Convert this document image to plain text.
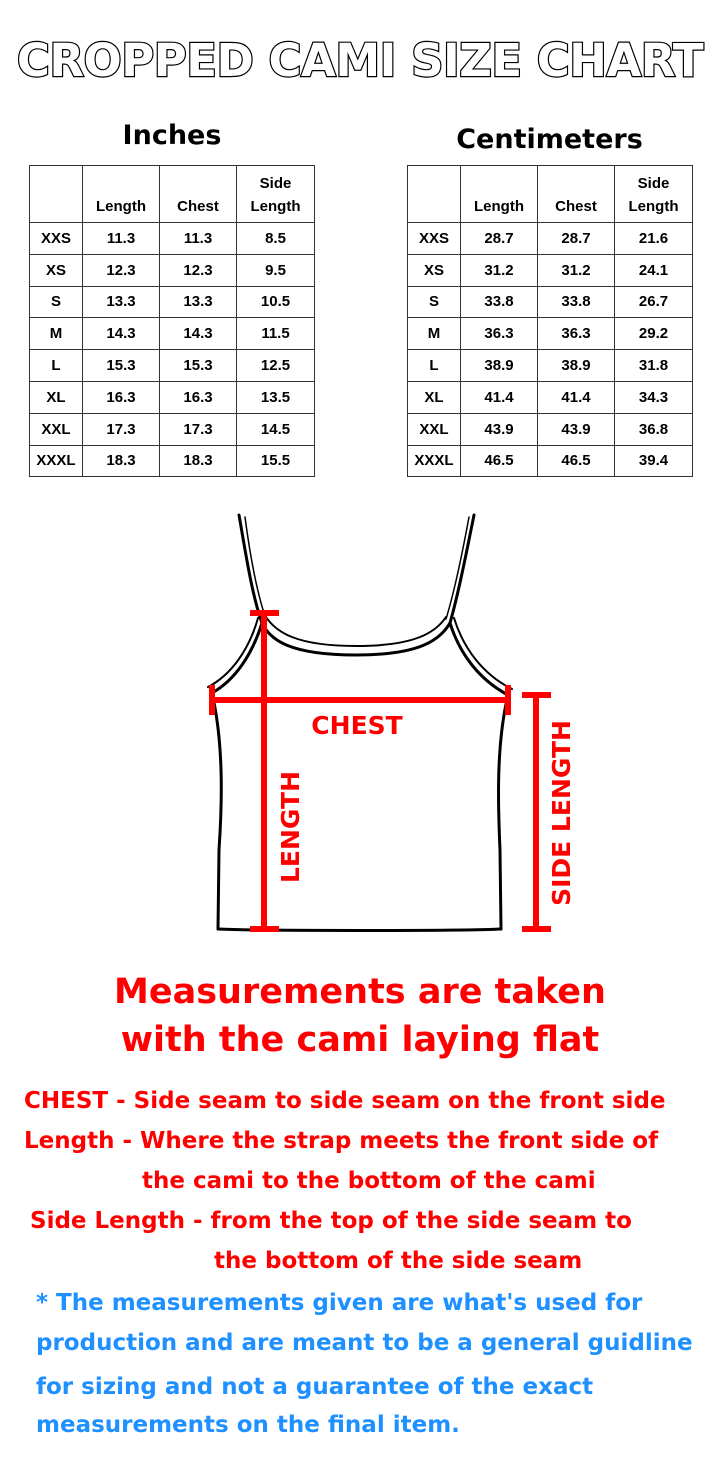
CROPPED CAMI SIZE CHART
Inches	Centimeters
	Length	Chest	Side
Length
XXS	11.3	11.3	8.5
XS	12.3	12.3	9.5
S	13.3	13.3	10.5
M	14.3	14.3	11.5
L	15.3	15.3	12.5
XL	16.3	16.3	13.5
XXL	17.3	17.3	14.5
XXXL	18.3	18.3	15.5
	Length	Chest	Side
Length
XXS	28.7	28.7	21.6
XS	31.2	31.2	24.1
S	33.8	33.8	26.7
M	36.3	36.3	29.2
L	38.9	38.9	31.8
XL	41.4	41.4	34.3
XXL	43.9	43.9	36.8
XXXL	46.5	46.5	39.4
CHEST
LENGTH	SIDE LENGTH
Measurements are taken
with the cami laying flat
CHEST - Side seam to side seam on the front side
Length - Where the strap meets the front side of
the cami to the bottom of the cami
Side Length - from the top of the side seam to
the bottom of the side seam
* The measurements given are what's used for
production and are meant to be a general guidline
for sizing and not a guarantee of the exact
measurements on the final item.
